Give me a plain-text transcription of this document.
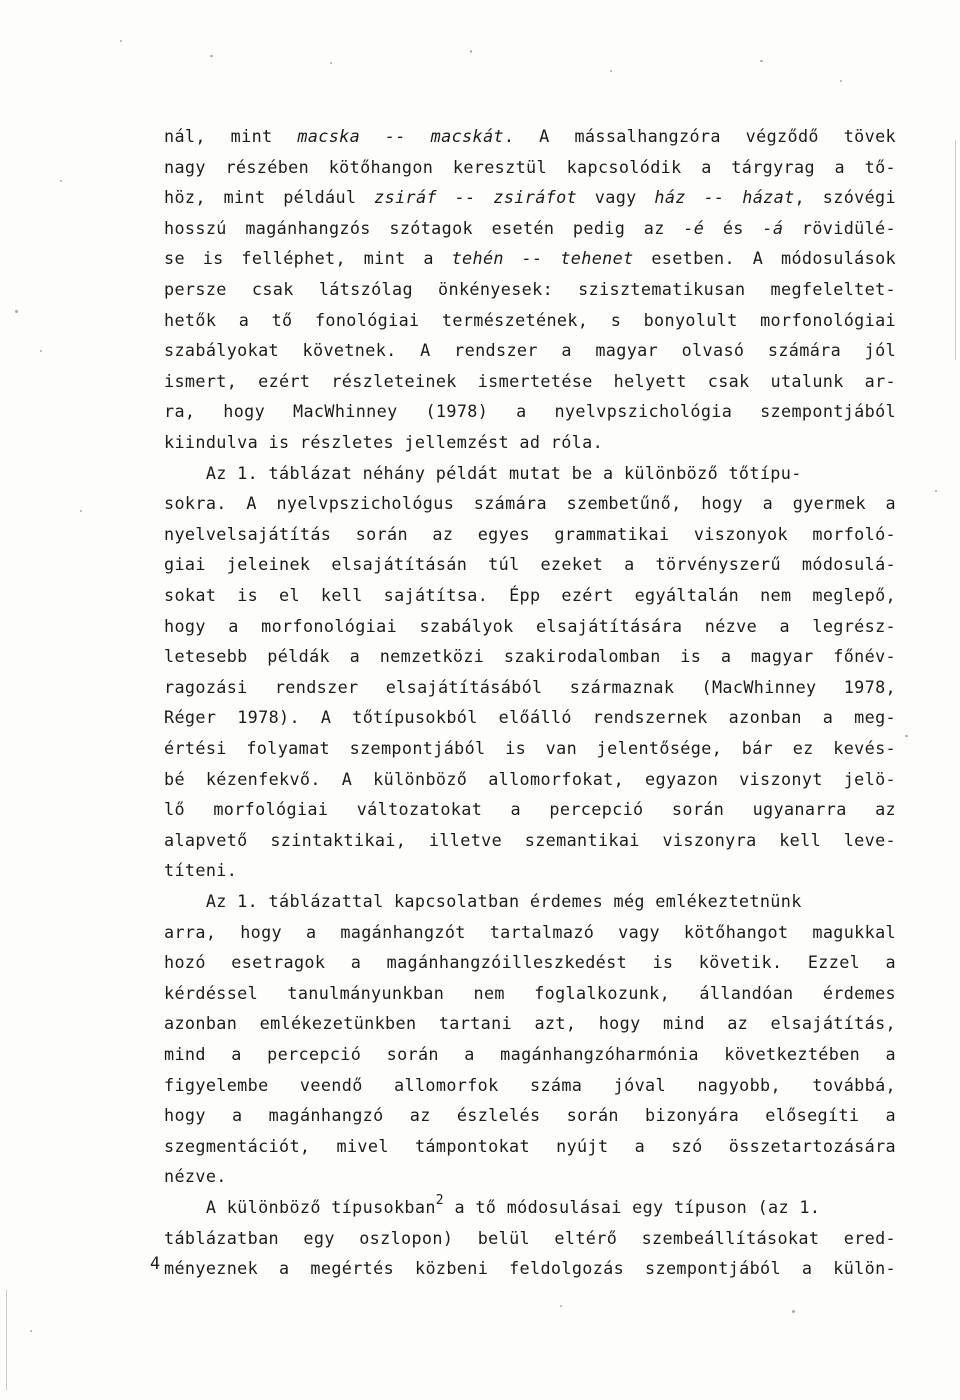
4
nál, mint macska -- macskát. A mássalhangzóra végződő tövek
nagy részében kötőhangon keresztül kapcsolódik a tárgyrag a tő-
höz, mint például zsiráf -- zsiráfot vagy ház -- házat, szóvégi
hosszú magánhangzós szótagok esetén pedig az -é és -á rövidülé-
se is felléphet, mint a tehén -- tehenet esetben. A módosulások
persze csak látszólag önkényesek: szisztematikusan megfeleltet-
hetők a tő fonológiai természetének, s bonyolult morfonológiai
szabályokat követnek. A rendszer a magyar olvasó számára jól
ismert, ezért részleteinek ismertetése helyett csak utalunk ar-
ra, hogy MacWhinney (1978) a nyelvpszichológia szempontjából
kiindulva is részletes jellemzést ad róla.
Az 1. táblázat néhány példát mutat be a különböző tőtípu-
sokra. A nyelvpszichológus számára szembetűnő, hogy a gyermek a
nyelvelsajátítás során az egyes grammatikai viszonyok morfoló-
giai jeleinek elsajátításán túl ezeket a törvényszerű módosulá-
sokat is el kell sajátítsa. Épp ezért egyáltalán nem meglepő,
hogy a morfonológiai szabályok elsajátítására nézve a legrész-
letesebb példák a nemzetközi szakirodalomban is a magyar főnév-
ragozási rendszer elsajátításából származnak (MacWhinney 1978,
Réger 1978). A tőtípusokból előálló rendszernek azonban a meg-
értési folyamat szempontjából is van jelentősége, bár ez kevés-
bé kézenfekvő. A különböző allomorfokat, egyazon viszonyt jelö-
lő morfológiai változatokat a percepció során ugyanarra az
alapvető szintaktikai, illetve szemantikai viszonyra kell leve-
títeni.
Az 1. táblázattal kapcsolatban érdemes még emlékeztetnünk
arra, hogy a magánhangzót tartalmazó vagy kötőhangot magukkal
hozó esetragok a magánhangzóilleszkedést is követik. Ezzel a
kérdéssel tanulmányunkban nem foglalkozunk, állandóan érdemes
azonban emlékezetünkben tartani azt, hogy mind az elsajátítás,
mind a percepció során a magánhangzóharmónia következtében a
figyelembe veendő allomorfok száma jóval nagyobb, továbbá,
hogy a magánhangzó az észlelés során bizonyára elősegíti a
szegmentációt, mivel támpontokat nyújt a szó összetartozására
nézve.
A különböző típusokban$^2$ a tő módosulásai egy típuson (az 1.
táblázatban egy oszlopon) belül eltérő szembeállításokat ered-
ményeznek a megértés közbeni feldolgozás szempontjából a külön-
